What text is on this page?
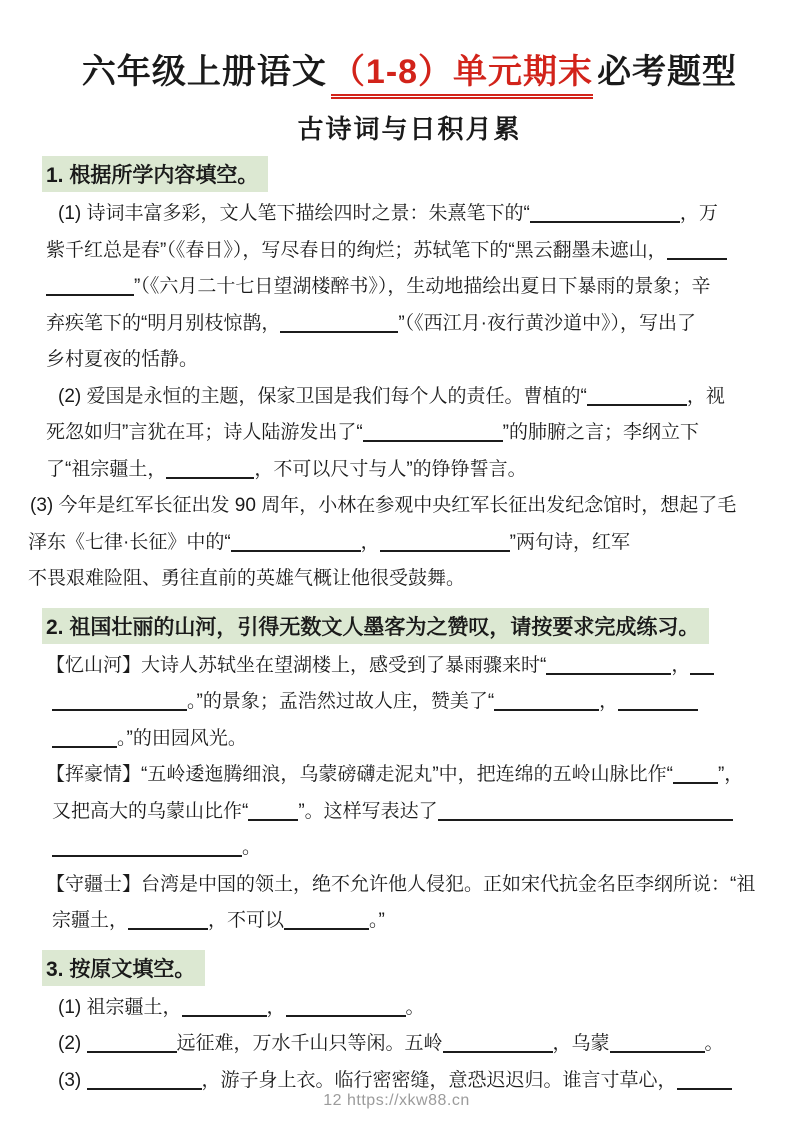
六年级上册语文 （1-8）单元期末 必考题型
古诗词与日积月累
1. 根据所学内容填空。
(1) 诗词丰富多彩，文人笔下描绘四时之景：朱熹笔下的“	，万
紫千红总是春”（《春日》），写尽春日的绚烂；苏轼笔下的“黑云翻墨未遮山，
”（《六月二十七日望湖楼醉书》），生动地描绘出夏日下暴雨的景象；辛
弃疾笔下的“明月别枝惊鹊，	”（《西江月·夜行黄沙道中》），写出了
乡村夏夜的恬静。
(2) 爱国是永恒的主题，保家卫国是我们每个人的责任。曹植的“	，视
死忽如归”言犹在耳；诗人陆游发出了“	”的肺腑之言；李纲立下
了“祖宗疆土，	，不可以尺寸与人”的铮铮誓言。
(3) 今年是红军长征出发 90 周年，小林在参观中央红军长征出发纪念馆时，想起了毛
泽东《七律·长征》中的“	，	”两句诗，红军
不畏艰难险阻、勇往直前的英雄气概让他很受鼓舞。
2. 祖国壮丽的山河，引得无数文人墨客为之赞叹，请按要求完成练习。
【忆山河】大诗人苏轼坐在望湖楼上，感受到了暴雨骤来时“	，
。”的景象；孟浩然过故人庄，赞美了“	，
。”的田园风光。
【挥豪情】“五岭逶迤腾细浪，乌蒙磅礴走泥丸”中，把连绵的五岭山脉比作“ ”，
又把高大的乌蒙山比作“	”。这样写表达了
。
【守疆士】台湾是中国的领土，绝不允许他人侵犯。正如宋代抗金名臣李纲所说：“祖
宗疆土，	，不可以	。”
3. 按原文填空。
(1) 祖宗疆土，	，	。
(2)	远征难，万水千山只等闲。五岭	，乌蒙	。
(3)	，游子身上衣。临行密密缝，意恐迟迟归。谁言寸草心，
12 https://xkw88.cn
